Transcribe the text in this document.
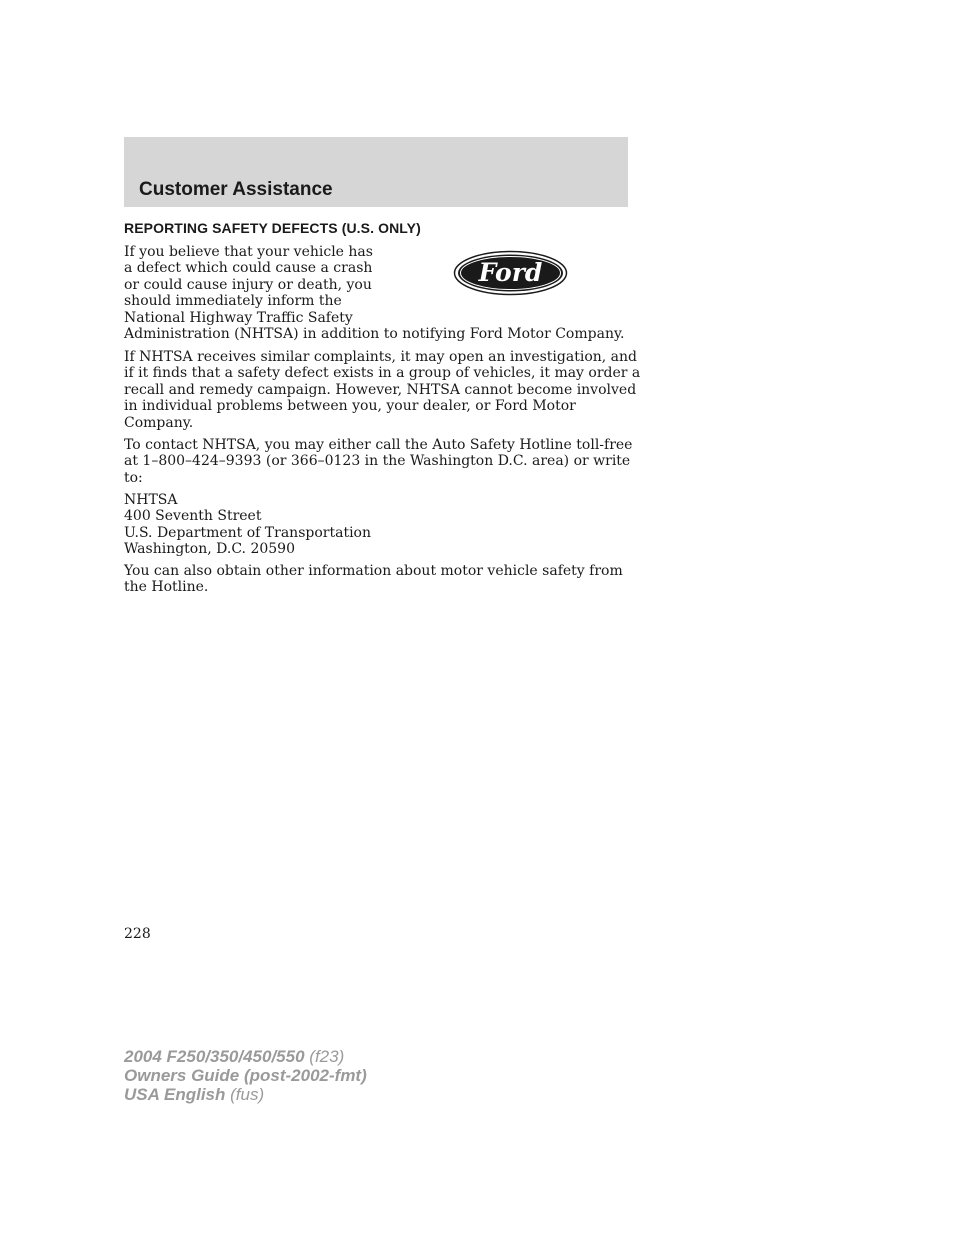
Customer Assistance
REPORTING SAFETY DEFECTS (U.S. ONLY)
If you believe that your vehicle has
a defect which could cause a crash
or could cause injury or death, you
should immediately inform the
National Highway Traffic Safety
Administration (NHTSA) in addition to notifying Ford Motor Company.
Ford
If NHTSA receives similar complaints, it may open an investigation, and
if it finds that a safety defect exists in a group of vehicles, it may order a
recall and remedy campaign. However, NHTSA cannot become involved
in individual problems between you, your dealer, or Ford Motor
Company.
To contact NHTSA, you may either call the Auto Safety Hotline toll-free
at 1–800–424–9393 (or 366–0123 in the Washington D.C. area) or write
to:
NHTSA
400 Seventh Street
U.S. Department of Transportation
Washington, D.C. 20590
You can also obtain other information about motor vehicle safety from
the Hotline.
228
2004 F250/350/450/550 (f23)
Owners Guide (post-2002-fmt)
USA English (fus)
